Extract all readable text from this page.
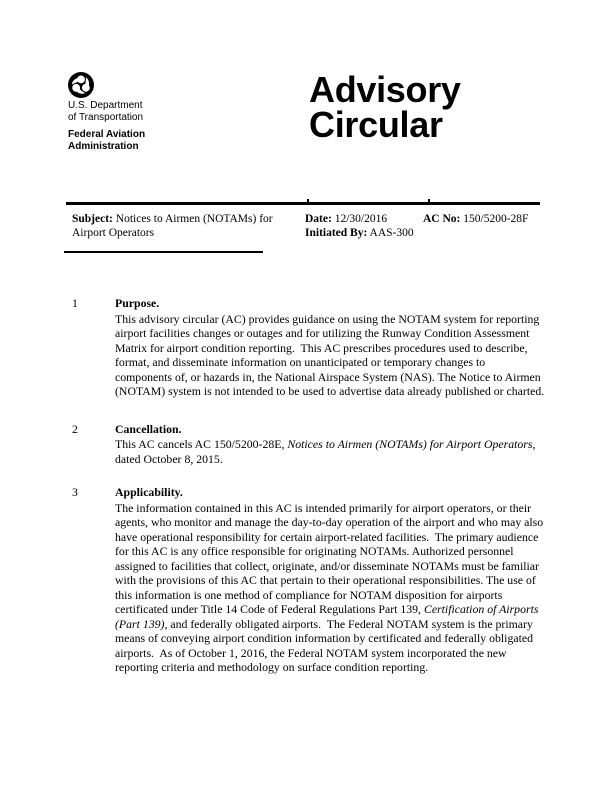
U.S. Department
of Transportation
Federal Aviation
Administration
Advisory
Circular
Subject: Notices to Airmen (NOTAMs) for Airport Operators
Date: 12/30/2016
Initiated By: AAS-300
AC No: 150/5200-28F
1	Purpose.

This advisory circular (AC) provides guidance on using the NOTAM system for reporting airport facilities changes or outages and for utilizing the Runway Condition Assessment Matrix for airport condition reporting.  This AC prescribes procedures used to describe, format, and disseminate information on unanticipated or temporary changes to components of, or hazards in, the National Airspace System (NAS). The Notice to Airmen (NOTAM) system is not intended to be used to advertise data already published or charted.

2	Cancellation.

This AC cancels AC 150/5200-28E, Notices to Airmen (NOTAMs) for Airport Operators, dated October 8, 2015.

3	Applicability.

The information contained in this AC is intended primarily for airport operators, or their agents, who monitor and manage the day-to-day operation of the airport and who may also have operational responsibility for certain airport-related facilities.  The primary audience for this AC is any office responsible for originating NOTAMs. Authorized personnel assigned to facilities that collect, originate, and/or disseminate NOTAMs must be familiar with the provisions of this AC that pertain to their operational responsibilities. The use of this information is one method of compliance for NOTAM disposition for airports certificated under Title 14 Code of Federal Regulations Part 139, Certification of Airports (Part 139), and federally obligated airports.  The Federal NOTAM system is the primary means of conveying airport condition information by certificated and federally obligated airports.  As of October 1, 2016, the Federal NOTAM system incorporated the new reporting criteria and methodology on surface condition reporting.
